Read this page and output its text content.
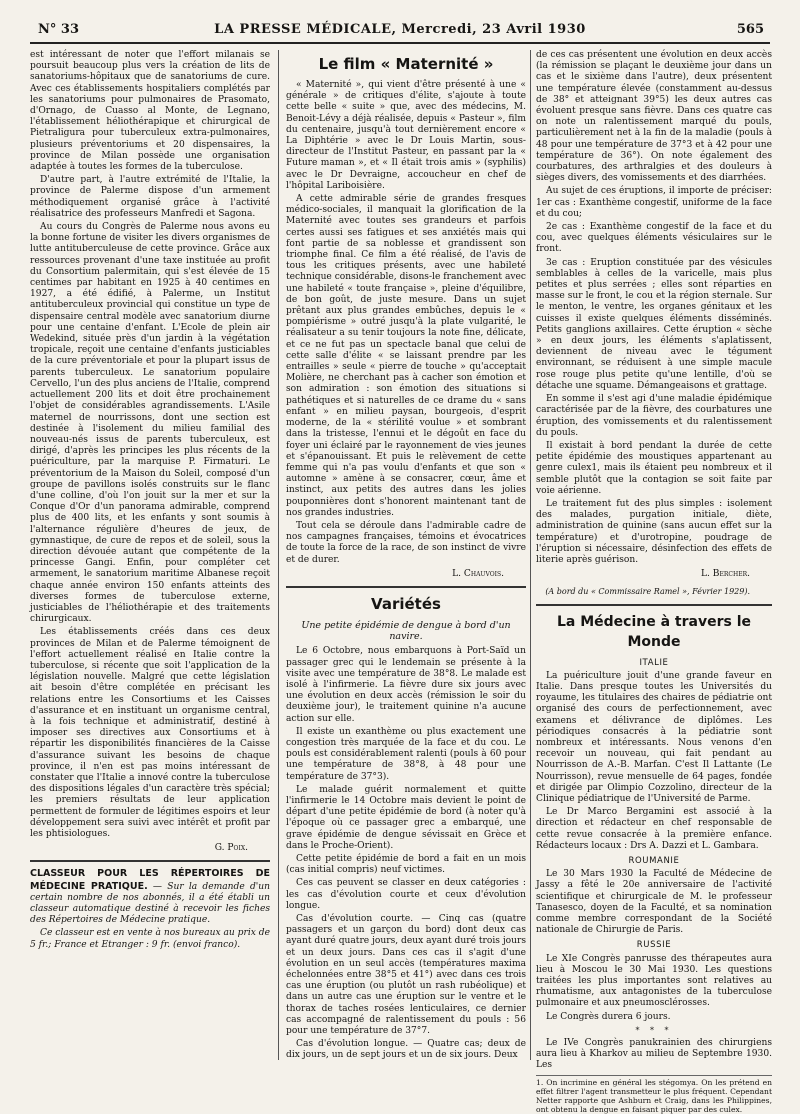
N° 33	LA PRESSE MÉDICALE, Mercredi, 23 Avril 1930	565

est intéressant de noter que l'effort milanais se poursuit beaucoup plus vers la création de lits de sanatoriums-hôpitaux que de sanatoriums de cure. Avec ces établissements hospitaliers complétés par les sanatoriums pour pulmonaires de Prasomato, d'Ornago, de Cuasso al Monte, de Legnano, l'établissement héliothérapique et chirurgical de Pietraligura pour tuberculeux extra-pulmonaires, plusieurs préventoriums et 20 dispensaires, la province de Milan possède une organisation adaptée à toutes les formes de la tuberculose.

D'autre part, à l'autre extrémité de l'Italie, la province de Palerme dispose d'un armement méthodiquement organisé grâce à l'activité réalisatrice des professeurs Manfredi et Sagona.

Au cours du Congrès de Palerme nous avons eu la bonne fortune de visiter les divers organismes de lutte antituberculeuse de cette province. Grâce aux ressources provenant d'une taxe instituée au profit du Consortium palermitain, qui s'est élevée de 15 centimes par habitant en 1925 à 40 centimes en 1927, a été édifié, à Palerme, un Institut antituberculeux provincial qui constitue un type de dispensaire central modèle avec sanatorium diurne pour une centaine d'enfant. L'Ecole de plein air Wedekind, située près d'un jardin à la végétation tropicale, reçoit une centaine d'enfants justiciables de la cure préventoriale et pour la plupart issus de parents tuberculeux. Le sanatorium populaire Cervello, l'un des plus anciens de l'Italie, comprend actuellement 200 lits et doit être prochainement l'objet de considérables agrandissements. L'Asile maternel de nourrissons, dont une section est destinée à l'isolement du milieu familial des nouveau-nés issus de parents tuberculeux, est dirigé, d'après les principes les plus récents de la puériculture, par la marquise P. Firmaturi. Le préventorium de la Maison du Soleil, composé d'un groupe de pavillons isolés construits sur le flanc d'une colline, d'où l'on jouit sur la mer et sur la Conque d'Or d'un panorama admirable, comprend plus de 400 lits, et les enfants y sont soumis à l'alternance régulière d'heures de jeux, de gymnastique, de cure de repos et de soleil, sous la direction dévouée autant que compétente de la princesse Gangi. Enfin, pour compléter cet armement, le sanatorium maritime Albanese reçoit chaque année environ 150 enfants atteints des diverses formes de tuberculose externe, justiciables de l'héliothérapie et des traitements chirurgicaux.

Les établissements créés dans ces deux provinces de Milan et de Palerme témoignent de l'effort actuellement réalisé en Italie contre la tuberculose, si récente que soit l'application de la législation nouvelle. Malgré que cette législation ait besoin d'être complétée en précisant les relations entre les Consortiums et les Caisses d'assurance et en instituant un organisme central, à la fois technique et administratif, destiné à imposer ses directives aux Consortiums et à répartir les disponibilités financières de la Caisse d'assurance suivant les besoins de chaque province, il n'en est pas moins intéressant de constater que l'Italie a innové contre la tuberculose des dispositions légales d'un caractère très spécial; les premiers résultats de leur application permettent de formuler de légitimes espoirs et leur développement sera suivi avec intérêt et profit par les phtisiologues.

G. Poix.

CLASSEUR POUR LES RÉPERTOIRES DE MÉDECINE PRATIQUE. — Sur la demande d'un certain nombre de nos abonnés, il a été établi un classeur automatique destiné à recevoir les fiches des Répertoires de Médecine pratique.

Ce classeur est en vente à nos bureaux au prix de 5 fr.; France et Etranger : 9 fr. (envoi franco).

Le film « Maternité »

« Maternité », qui vient d'être présenté à une « générale » de critiques d'élite, s'ajoute à toute cette belle « suite » que, avec des médecins, M. Benoit-Lévy a déjà réalisée, depuis « Pasteur », film du centenaire, jusqu'à tout dernièrement encore « La Diphtérie » avec le Dr Louis Martin, sous-directeur de l'Institut Pasteur, en passant par la « Future maman », et « Il était trois amis » (syphilis) avec le Dr Devraigne, accoucheur en chef de l'hôpital Lariboisière.

A cette admirable série de grandes fresques médico-sociales, il manquait la glorification de la Maternité avec toutes ses grandeurs et parfois certes aussi ses fatigues et ses anxiétés mais qui font partie de sa noblesse et grandissent son triomphe final. Ce film a été réalisé, de l'avis de tous les critiques présents, avec une habileté technique considérable, disons-le franchement avec une habileté « toute française », pleine d'équilibre, de bon goût, de juste mesure. Dans un sujet prêtant aux plus grandes embûches, depuis le « pompiérisme » outré jusqu'à la plate vulgarité, le réalisateur a su tenir toujours la note fine, délicate, et ce ne fut pas un spectacle banal que celui de cette salle d'élite « se laissant prendre par les entrailles » seule « pierre de touche » qu'acceptait Molière, ne cherchant pas à cacher son émotion et son admiration : son émotion des situations si pathétiques et si naturelles de ce drame du « sans enfant » en milieu paysan, bourgeois, d'esprit moderne, de la « stérilité voulue » et sombrant dans la tristesse, l'ennui et le dégoût en face du foyer uni éclairé par le rayonnement de vies jeunes et s'épanouissant. Et puis le relèvement de cette femme qui n'a pas voulu d'enfants et que son « automne » amène à se consacrer, cœur, âme et instinct, aux petits des autres dans les jolies pouponnières dont s'honorent maintenant tant de nos grandes industries.

Tout cela se déroule dans l'admirable cadre de nos campagnes françaises, témoins et évocatrices de toute la force de la race, de son instinct de vivre et de durer.

L. Chauvois.
Variétés
Une petite épidémie de dengue à bord d'un navire.

Le 6 Octobre, nous embarquons à Port-Saïd un passager grec qui le lendemain se présente à la visite avec une température de 38°8. Le malade est isolé à l'infirmerie. La fièvre dure six jours avec une évolution en deux accès (rémission le soir du deuxième jour), le traitement quinine n'a aucune action sur elle.

Il existe un exanthème ou plus exactement une congestion très marquée de la face et du cou. Le pouls est considérablement ralenti (pouls à 60 pour une température de 38°8, à 48 pour une température de 37°3).

Le malade guérit normalement et quitte l'infirmerie le 14 Octobre mais devient le point de départ d'une petite épidémie de bord (à noter qu'à l'époque où ce passager grec a embarqué, une grave épidémie de dengue sévissait en Grèce et dans le Proche-Orient).

Cette petite épidémie de bord a fait en un mois (cas initial compris) neuf victimes.

Ces cas peuvent se classer en deux catégories : les cas d'évolution courte et ceux d'évolution longue.

Cas d'évolution courte. — Cinq cas (quatre passagers et un garçon du bord) dont deux cas ayant duré quatre jours, deux ayant duré trois jours et un deux jours. Dans ces cas il s'agit d'une évolution en un seul accès (températures maxima échelonnées entre 38°5 et 41°) avec dans ces trois cas une éruption (ou plutôt un rash rubéolique) et dans un autre cas une éruption sur le ventre et le thorax de taches rosées lenticulaires, ce dernier cas accompagné de ralentissement du pouls : 56 pour une température de 37°7.

Cas d'évolution longue. — Quatre cas; deux de dix jours, un de sept jours et un de six jours. Deux

de ces cas présentent une évolution en deux accès (la rémission se plaçant le deuxième jour dans un cas et le sixième dans l'autre), deux présentent une température élevée (constamment au-dessus de 38° et atteignant 39°5) les deux autres cas évoluent presque sans fièvre. Dans ces quatre cas on note un ralentissement marqué du pouls, particulièrement net à la fin de la maladie (pouls à 48 pour une température de 37°3 et à 42 pour une température de 36°). On note également des courbatures, des arthralgies et des douleurs à sièges divers, des vomissements et des diarrhées.

Au sujet de ces éruptions, il importe de préciser: 1er cas : Exanthème congestif, uniforme de la face et du cou;

2e cas : Exanthème congestif de la face et du cou, avec quelques éléments vésiculaires sur le front.

3e cas : Eruption constituée par des vésicules semblables à celles de la varicelle, mais plus petites et plus serrées ; elles sont réparties en masse sur le front, le cou et la région sternale. Sur le menton, le ventre, les organes génitaux et les cuisses il existe quelques éléments disséminés. Petits ganglions axillaires. Cette éruption « sèche » en deux jours, les éléments s'aplatissent, deviennent de niveau avec le tégument environnant, se réduisent à une simple macule rose rouge plus petite qu'une lentille, d'où se détache une squame. Démangeaisons et grattage.

En somme il s'est agi d'une maladie épidémique caractérisée par de la fièvre, des courbatures une éruption, des vomissements et du ralentissement du pouls.

Il existait à bord pendant la durée de cette petite épidémie des moustiques appartenant au genre culex1, mais ils étaient peu nombreux et il semble plutôt que la contagion se soit faite par voie aérienne.

Le traitement fut des plus simples : isolement des malades, purgation initiale, diète, administration de quinine (sans aucun effet sur la température) et d'urotropine, poudrage de l'éruption si nécessaire, désinfection des effets de literie après guérison.

L. Bercher.
(A bord du « Commissaire Ramel », Février 1929).
La Médecine à travers le Monde
ITALIE

La puériculture jouit d'une grande faveur en Italie. Dans presque toutes les Universités du royaume, les titulaires des chaires de pédiatrie ont organisé des cours de perfectionnement, avec examens et délivrance de diplômes. Les périodiques consacrés à la pédiatrie sont nombreux et intéressants. Nous venons d'en recevoir un nouveau, qui fait pendant au Nourrisson de A.-B. Marfan. C'est Il Lattante (Le Nourrisson), revue mensuelle de 64 pages, fondée et dirigée par Olimpio Cozzolino, directeur de la Clinique pédiatrique de l'Université de Parme.

Le Dr Marco Bergamini est associé à la direction et rédacteur en chef responsable de cette revue consacrée à la première enfance. Rédacteurs locaux : Drs A. Dazzi et L. Gambara.

ROUMANIE

Le 30 Mars 1930 la Faculté de Médecine de Jassy a fêté le 20e anniversaire de l'activité scientifique et chirurgicale de M. le professeur Tanasesco, doyen de la Faculté, et sa nomination comme membre correspondant de la Société nationale de Chirurgie de Paris.

RUSSIE

Le XIe Congrès panrusse des thérapeutes aura lieu à Moscou le 30 Mai 1930. Les questions traitées les plus importantes sont relatives au rhumatisme, aux antagonistes de la tuberculose pulmonaire et aux pneumosclérosses.

Le Congrès durera 6 jours.

* * *

Le IVe Congrès panukrainien des chirurgiens aura lieu à Kharkov au milieu de Septembre 1930. Les

1. On incrimine en général les stégomya. On les prétend en effet filtrer l'agent transmetteur le plus fréquent. Cependant Netter rapporte que Ashburn et Craig, dans les Philippines, ont obtenu la dengue en faisant piquer par des culex.
